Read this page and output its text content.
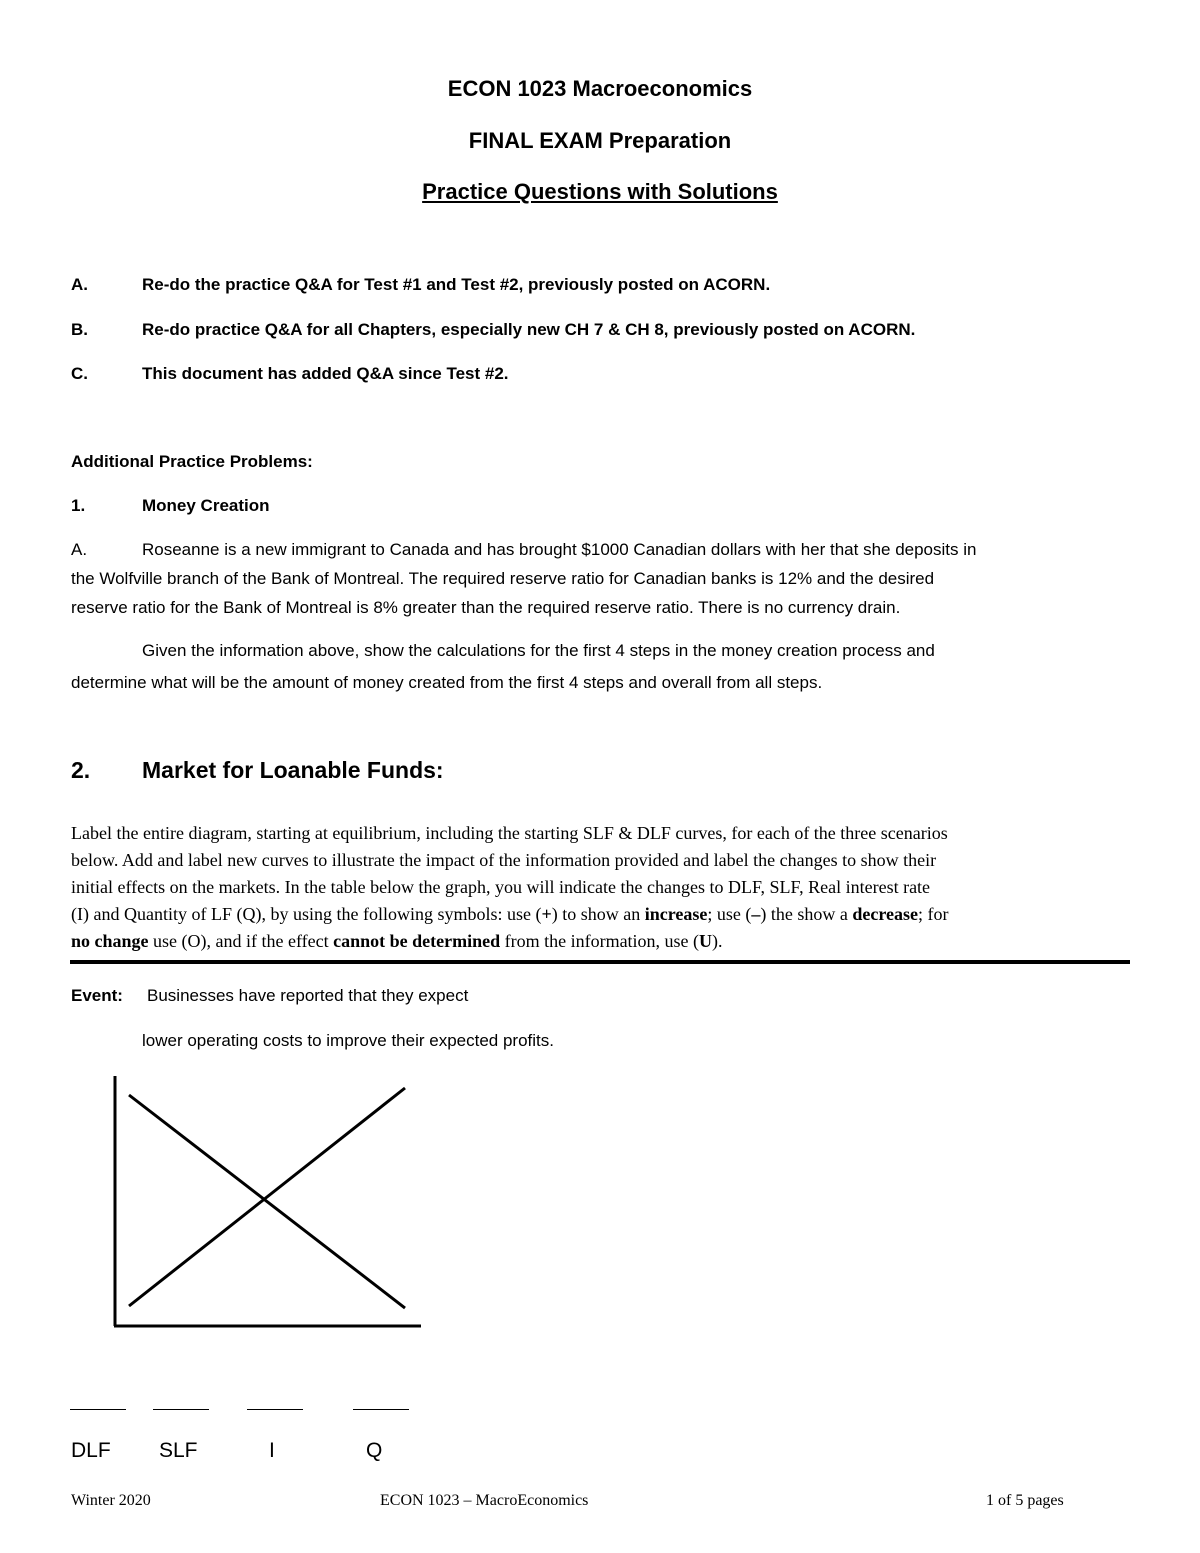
ECON 1023 Macroeconomics
FINAL EXAM Preparation
Practice Questions with Solutions
A.	Re-do the practice Q&A for Test #1 and Test #2, previously posted on ACORN.
B.	Re-do practice Q&A for all Chapters, especially new CH 7 & CH 8, previously posted on ACORN.
C.	This document has added Q&A since Test #2.
Additional Practice Problems:
1.	Money Creation
A.	Roseanne is a new immigrant to Canada and has brought $1000 Canadian dollars with her that she deposits in
the Wolfville branch of the Bank of Montreal. The required reserve ratio for Canadian banks is 12% and the desired
reserve ratio for the Bank of Montreal is 8% greater than the required reserve ratio. There is no currency drain.
Given the information above, show the calculations for the first 4 steps in the money creation process and
determine what will be the amount of money created from the first 4 steps and overall from all steps.
2. Market for Loanable Funds:
Label the entire diagram, starting at equilibrium, including the starting SLF & DLF curves, for each of the three scenarios
below. Add and label new curves to illustrate the impact of the information provided and label the changes to show their
initial effects on the markets. In the table below the graph, you will indicate the changes to DLF, SLF, Real interest rate
(I) and Quantity of LF (Q), by using the following symbols: use (+) to show an increase; use (–) the show a decrease; for
no change use (O), and if the effect cannot be determined from the information, use (U).
Event: Businesses have reported that they expect
lower operating costs to improve their expected profits.
DLF SLF	I	Q
Winter 2020	ECON 1023 – MacroEconomics	1 of 5 pages
